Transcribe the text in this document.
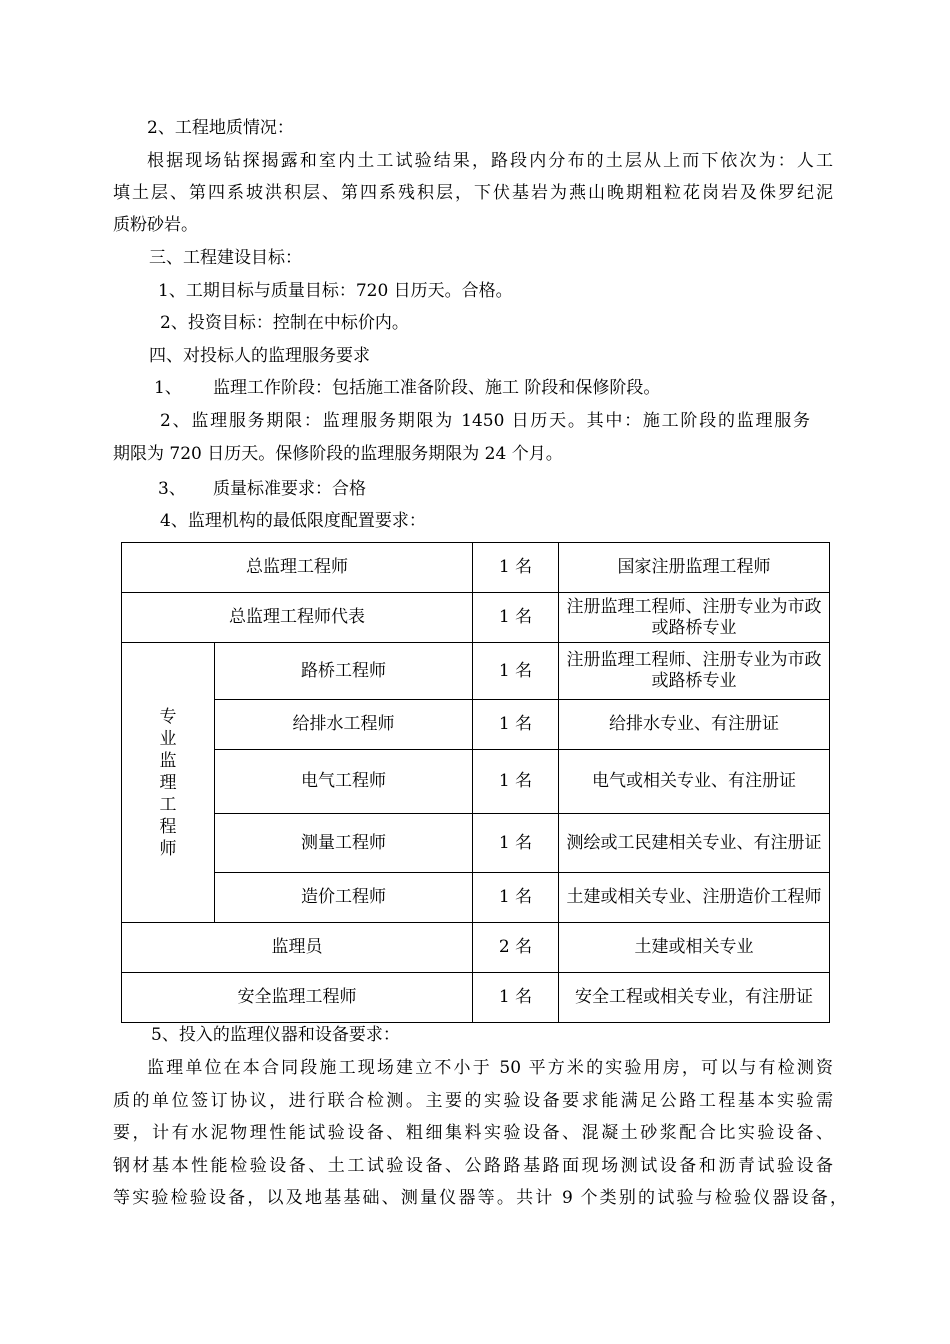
2、工程地质情况：
根据现场钻探揭露和室内土工试验结果，路段内分布的土层从上而下依次为：人工
填土层、第四系坡洪积层、第四系残积层，下伏基岩为燕山晚期粗粒花岗岩及侏罗纪泥
质粉砂岩。
三、工程建设目标：
1、工期目标与质量目标：720 日历天。合格。
2、投资目标：控制在中标价内。
四、对投标人的监理服务要求
1、 监理工作阶段：包括施工准备阶段、施工 阶段和保修阶段。
2、监理服务期限：监理服务期限为 1450 日历天。其中：施工阶段的监理服务
期限为 720 日历天。保修阶段的监理服务期限为 24 个月。
3、 质量标准要求：合格
4、监理机构的最低限度配置要求：
总监理工程师		1 名	国家注册监理工程师
总监理工程师代表		1 名	注册监理工程师、注册专业为市政或路桥专业
专业监理工程师	路桥工程师	1 名	注册监理工程师、注册专业为市政或路桥专业
	给排水工程师	1 名	给排水专业、有注册证
	电气工程师	1 名	电气或相关专业、有注册证
	测量工程师	1 名	测绘或工民建相关专业、有注册证
	造价工程师	1 名	土建或相关专业、注册造价工程师
监理员		2 名	土建或相关专业
安全监理工程师		1 名	安全工程或相关专业，有注册证
5、投入的监理仪器和设备要求：
监理单位在本合同段施工现场建立不小于 50 平方米的实验用房，可以与有检测资
质的单位签订协议，进行联合检测。主要的实验设备要求能满足公路工程基本实验需
要，计有水泥物理性能试验设备、粗细集料实验设备、混凝土砂浆配合比实验设备、
钢材基本性能检验设备、土工试验设备、公路路基路面现场测试设备和沥青试验设备
等实验检验设备，以及地基基础、测量仪器等。共计 9 个类别的试验与检验仪器设备，
